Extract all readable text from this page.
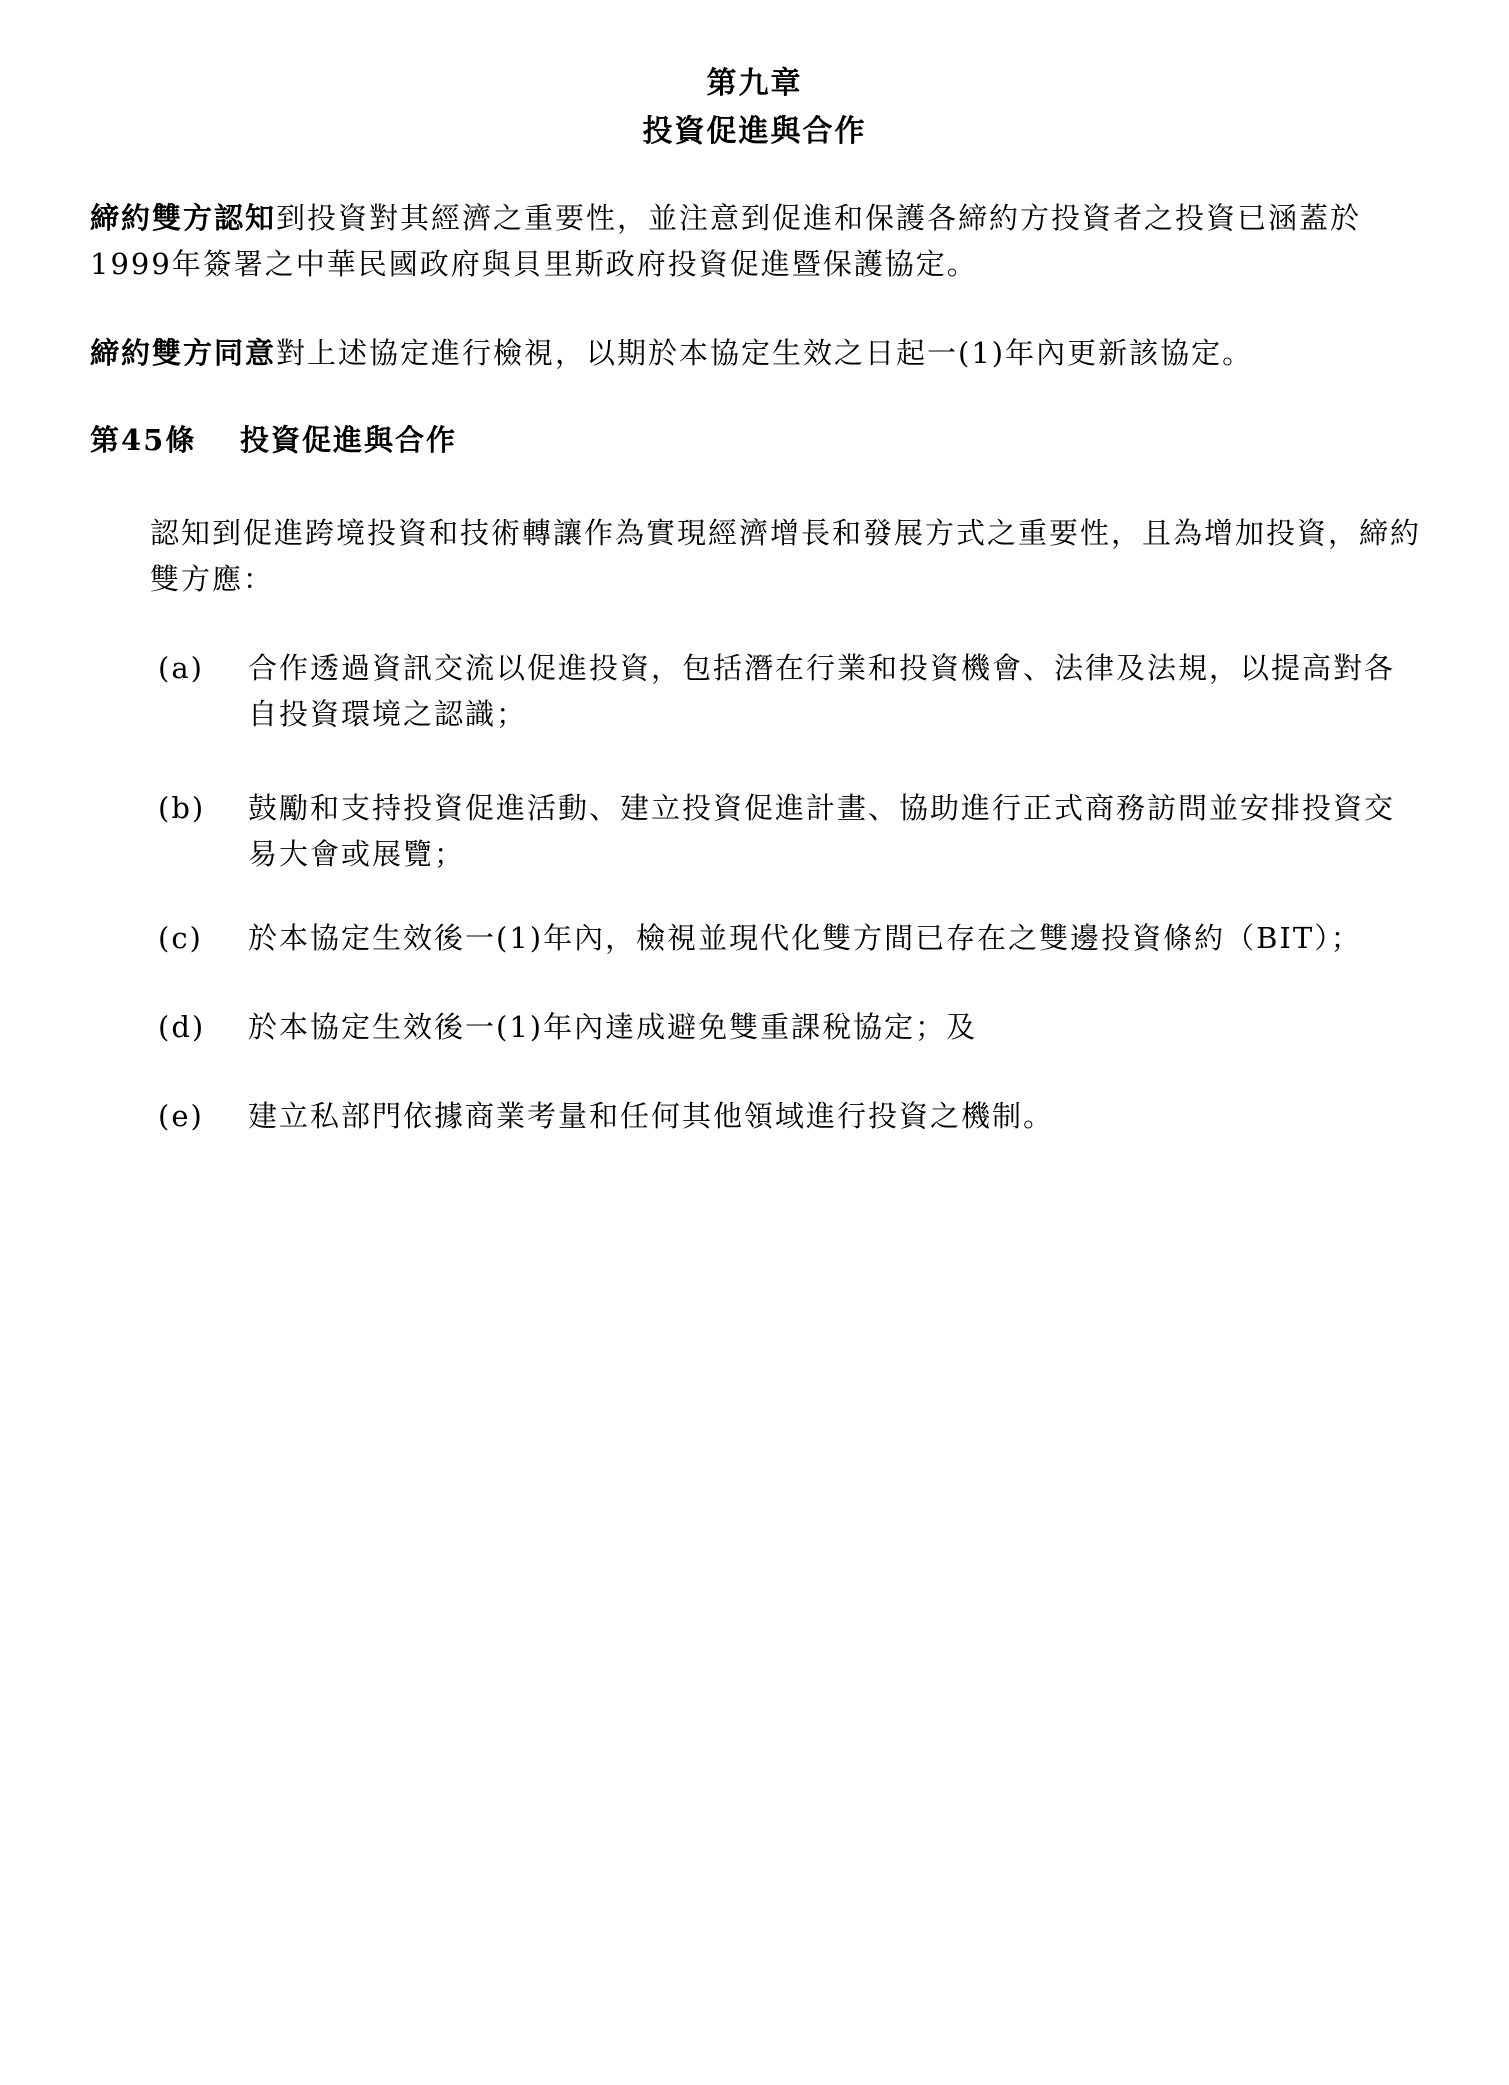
第九章
投資促進與合作

締約雙方認知到投資對其經濟之重要性，並注意到促進和保護各締約方投資者之投資已涵蓋於1999年簽署之中華民國政府與貝里斯政府投資促進暨保護協定。

締約雙方同意對上述協定進行檢視，以期於本協定生效之日起一(1)年內更新該協定。

第45條 投資促進與合作

認知到促進跨境投資和技術轉讓作為實現經濟增長和發展方式之重要性，且為增加投資，締約雙方應：

(a)	合作透過資訊交流以促進投資，包括潛在行業和投資機會、法律及法規，以提高對各自投資環境之認識；
(b)	鼓勵和支持投資促進活動、建立投資促進計畫、協助進行正式商務訪問並安排投資交易大會或展覽；
(c)	於本協定生效後一(1)年內，檢視並現代化雙方間已存在之雙邊投資條約（BIT）；
(d)	於本協定生效後一(1)年內達成避免雙重課稅協定；及
(e)	建立私部門依據商業考量和任何其他領域進行投資之機制。
